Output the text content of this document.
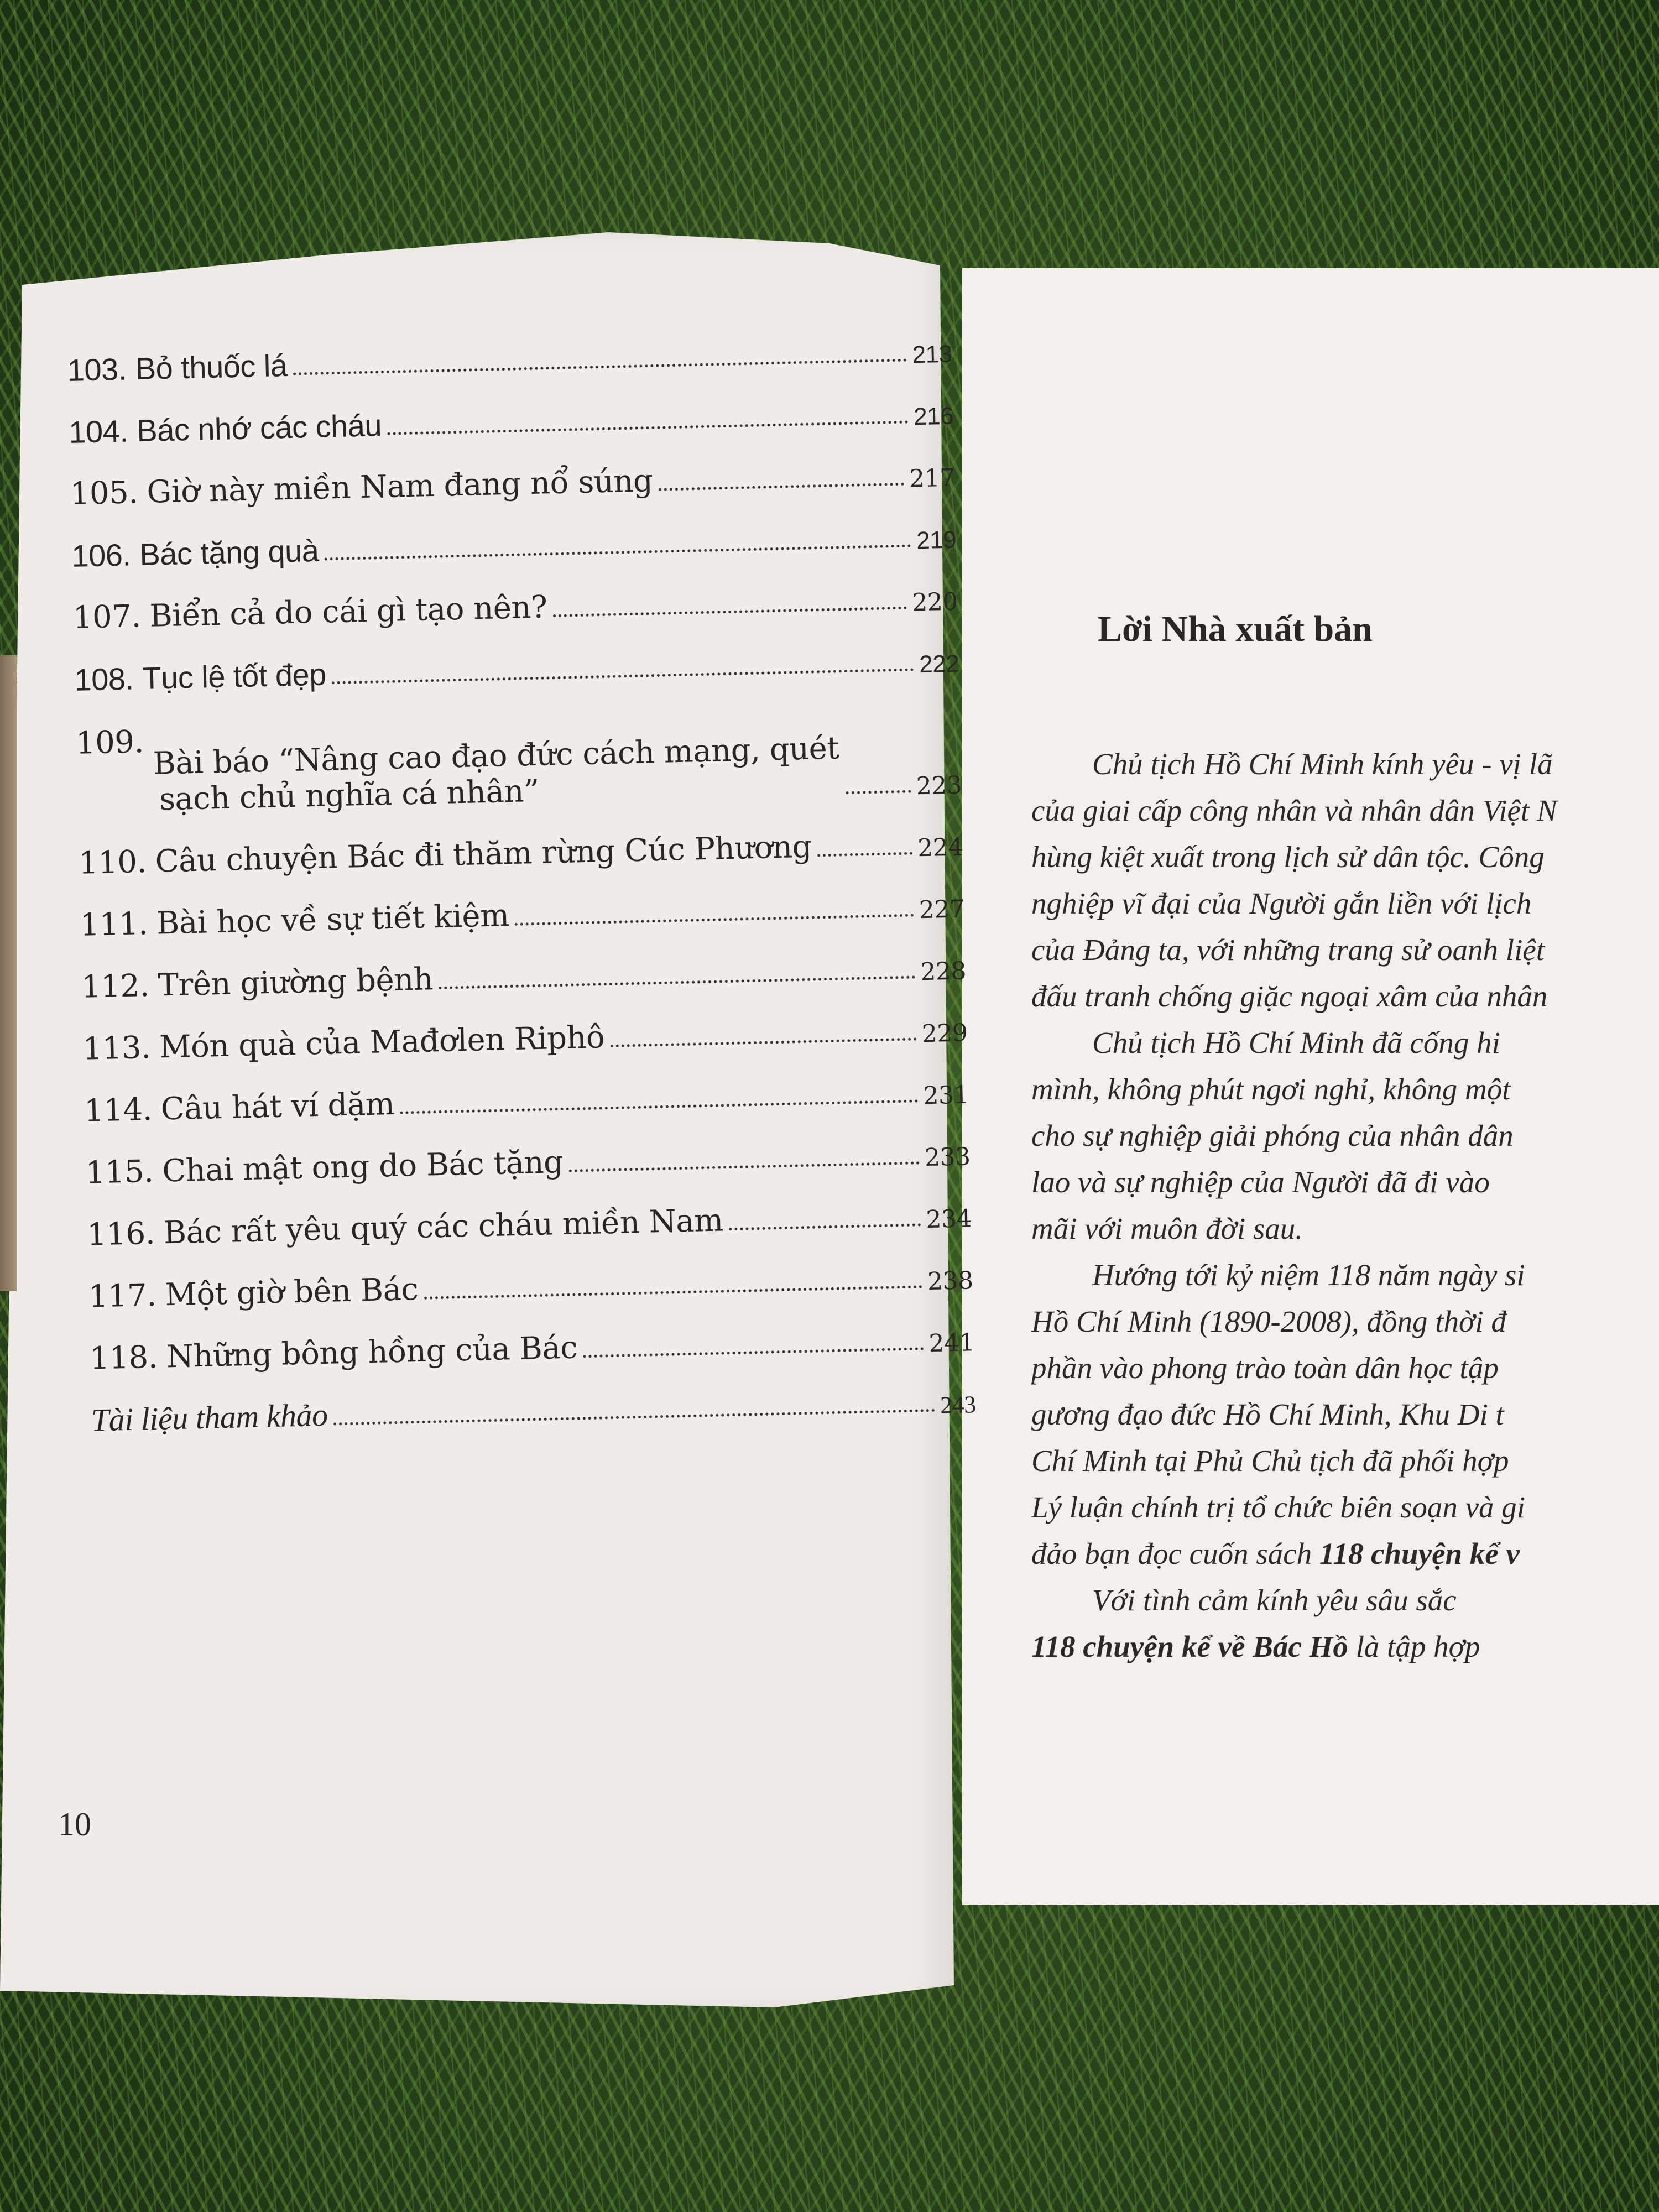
103. Bỏ thuốc lá	213
104. Bác nhớ các cháu	216
105. Giờ này miền Nam đang nổ súng	217
106. Bác tặng quà	219
107. Biển cả do cái gì tạo nên?	220
108. Tục lệ tốt đẹp	222
109. Bài báo “Nâng cao đạo đức cách mạng, quét
sạch chủ nghĩa cá nhân”	223
110. Câu chuyện Bác đi thăm rừng Cúc Phương	224
111. Bài học về sự tiết kiệm	227
112. Trên giường bệnh	228
113. Món quà của Mađơlen Riphô	229
114. Câu hát ví dặm	231
115. Chai mật ong do Bác tặng	233
116. Bác rất yêu quý các cháu miền Nam	234
117. Một giờ bên Bác	238
118. Những bông hồng của Bác	241
Tài liệu tham khảo	243
10
Lời Nhà xuất bản

Chủ tịch Hồ Chí Minh kính yêu - vị lã

của giai cấp công nhân và nhân dân Việt N

hùng kiệt xuất trong lịch sử dân tộc. Công

nghiệp vĩ đại của Người gắn liền với lịch

của Đảng ta, với những trang sử oanh liệt

đấu tranh chống giặc ngoại xâm của nhân

Chủ tịch Hồ Chí Minh đã cống hi

mình, không phút ngơi nghỉ, không một

cho sự nghiệp giải phóng của nhân dân

lao và sự nghiệp của Người đã đi vào

mãi với muôn đời sau.

Hướng tới kỷ niệm 118 năm ngày si

Hồ Chí Minh (1890-2008), đồng thời đ

phần vào phong trào toàn dân học tập

gương đạo đức Hồ Chí Minh, Khu Di t

Chí Minh tại Phủ Chủ tịch đã phối hợp

Lý luận chính trị tổ chức biên soạn và gi

đảo bạn đọc cuốn sách 118 chuyện kể v

Với tình cảm kính yêu sâu sắc

118 chuyện kể về Bác Hồ là tập hợp
